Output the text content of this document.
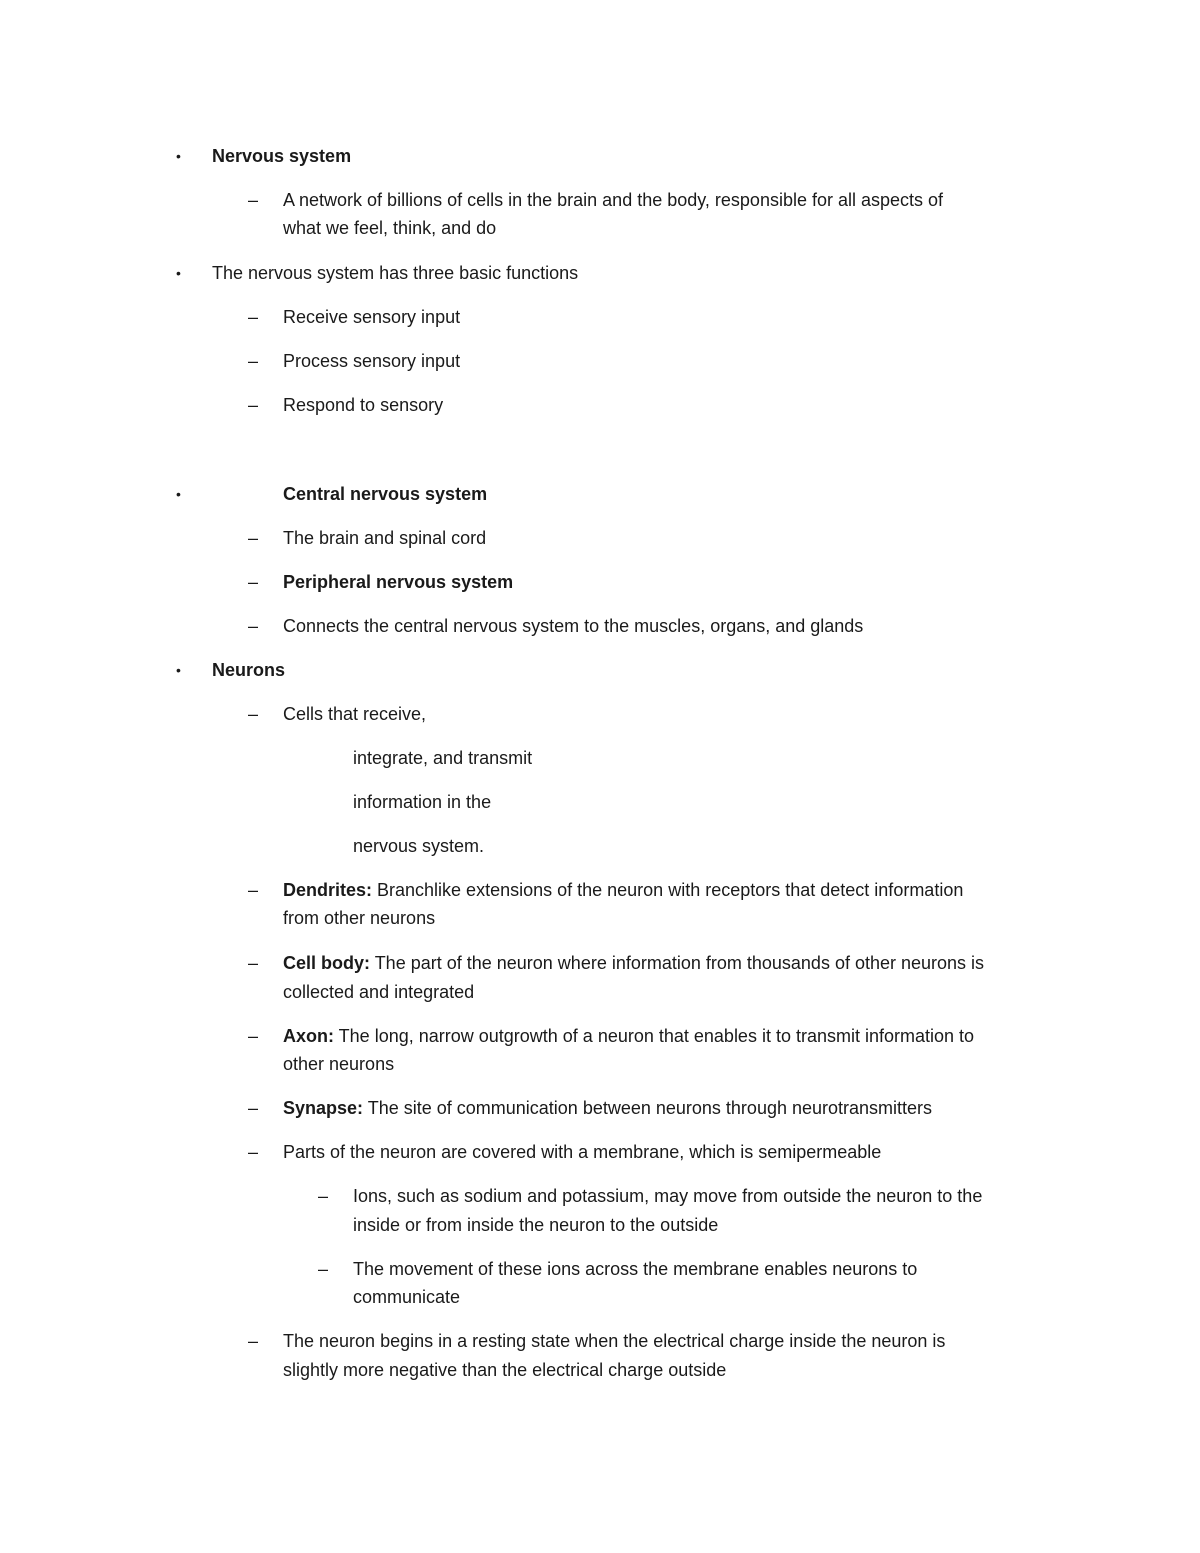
• Nervous system
– A network of billions of cells in the brain and the body, responsible for all aspects of
what we feel, think, and do
• The nervous system has three basic functions
– Receive sensory input
– Process sensory input
– Respond to sensory
•	Central nervous system
– The brain and spinal cord
– Peripheral nervous system
– Connects the central nervous system to the muscles, organs, and glands
• Neurons
– Cells that receive,
integrate, and transmit
information in the
nervous system.
– Dendrites: Branchlike extensions of the neuron with receptors that detect information
from other neurons
– Cell body: The part of the neuron where information from thousands of other neurons is
collected and integrated
– Axon: The long, narrow outgrowth of a neuron that enables it to transmit information to
other neurons
– Synapse: The site of communication between neurons through neurotransmitters
– Parts of the neuron are covered with a membrane, which is semipermeable
– Ions, such as sodium and potassium, may move from outside the neuron to the
inside or from inside the neuron to the outside
– The movement of these ions across the membrane enables neurons to
communicate
– The neuron begins in a resting state when the electrical charge inside the neuron is
slightly more negative than the electrical charge outside
